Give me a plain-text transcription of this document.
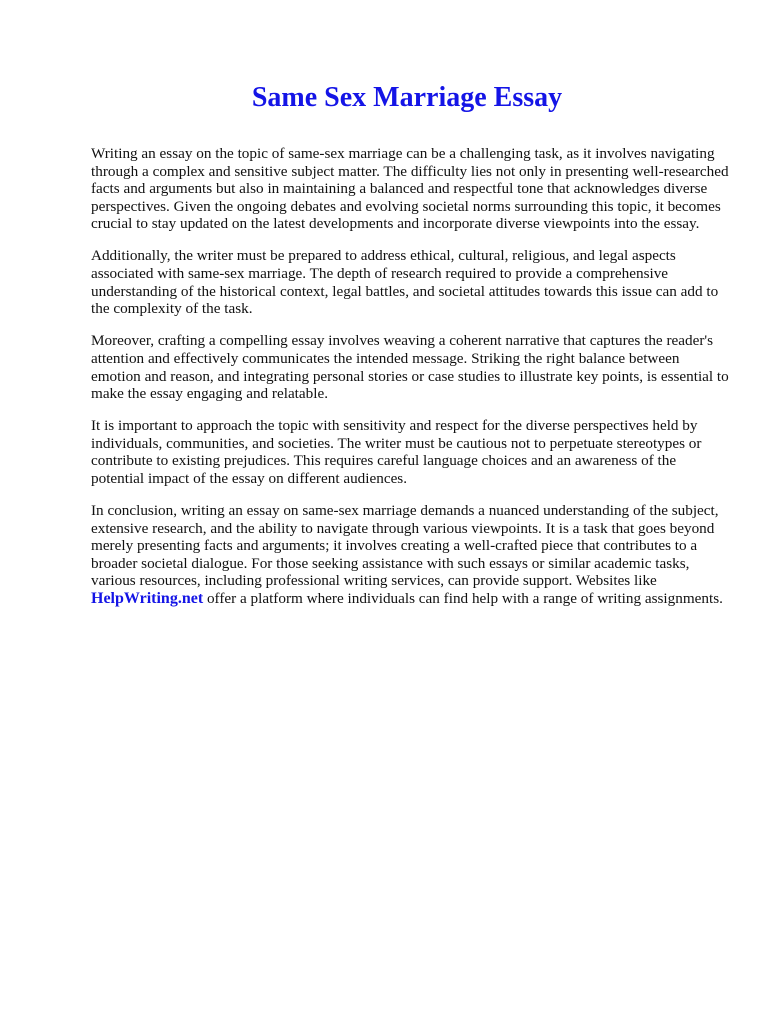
Same Sex Marriage Essay

Writing an essay on the topic of same-sex marriage can be a challenging task, as it involves navigating through a complex and sensitive subject matter. The difficulty lies not only in presenting well-researched facts and arguments but also in maintaining a balanced and respectful tone that acknowledges diverse perspectives. Given the ongoing debates and evolving societal norms surrounding this topic, it becomes crucial to stay updated on the latest developments and incorporate diverse viewpoints into the essay.

Additionally, the writer must be prepared to address ethical, cultural, religious, and legal aspects associated with same-sex marriage. The depth of research required to provide a comprehensive understanding of the historical context, legal battles, and societal attitudes towards this issue can add to the complexity of the task.

Moreover, crafting a compelling essay involves weaving a coherent narrative that captures the reader's attention and effectively communicates the intended message. Striking the right balance between emotion and reason, and integrating personal stories or case studies to illustrate key points, is essential to make the essay engaging and relatable.

It is important to approach the topic with sensitivity and respect for the diverse perspectives held by individuals, communities, and societies. The writer must be cautious not to perpetuate stereotypes or contribute to existing prejudices. This requires careful language choices and an awareness of the potential impact of the essay on different audiences.

In conclusion, writing an essay on same-sex marriage demands a nuanced understanding of the subject, extensive research, and the ability to navigate through various viewpoints. It is a task that goes beyond merely presenting facts and arguments; it involves creating a well-crafted piece that contributes to a broader societal dialogue. For those seeking assistance with such essays or similar academic tasks, various resources, including professional writing services, can provide support. Websites like HelpWriting.net offer a platform where individuals can find help with a range of writing assignments.
